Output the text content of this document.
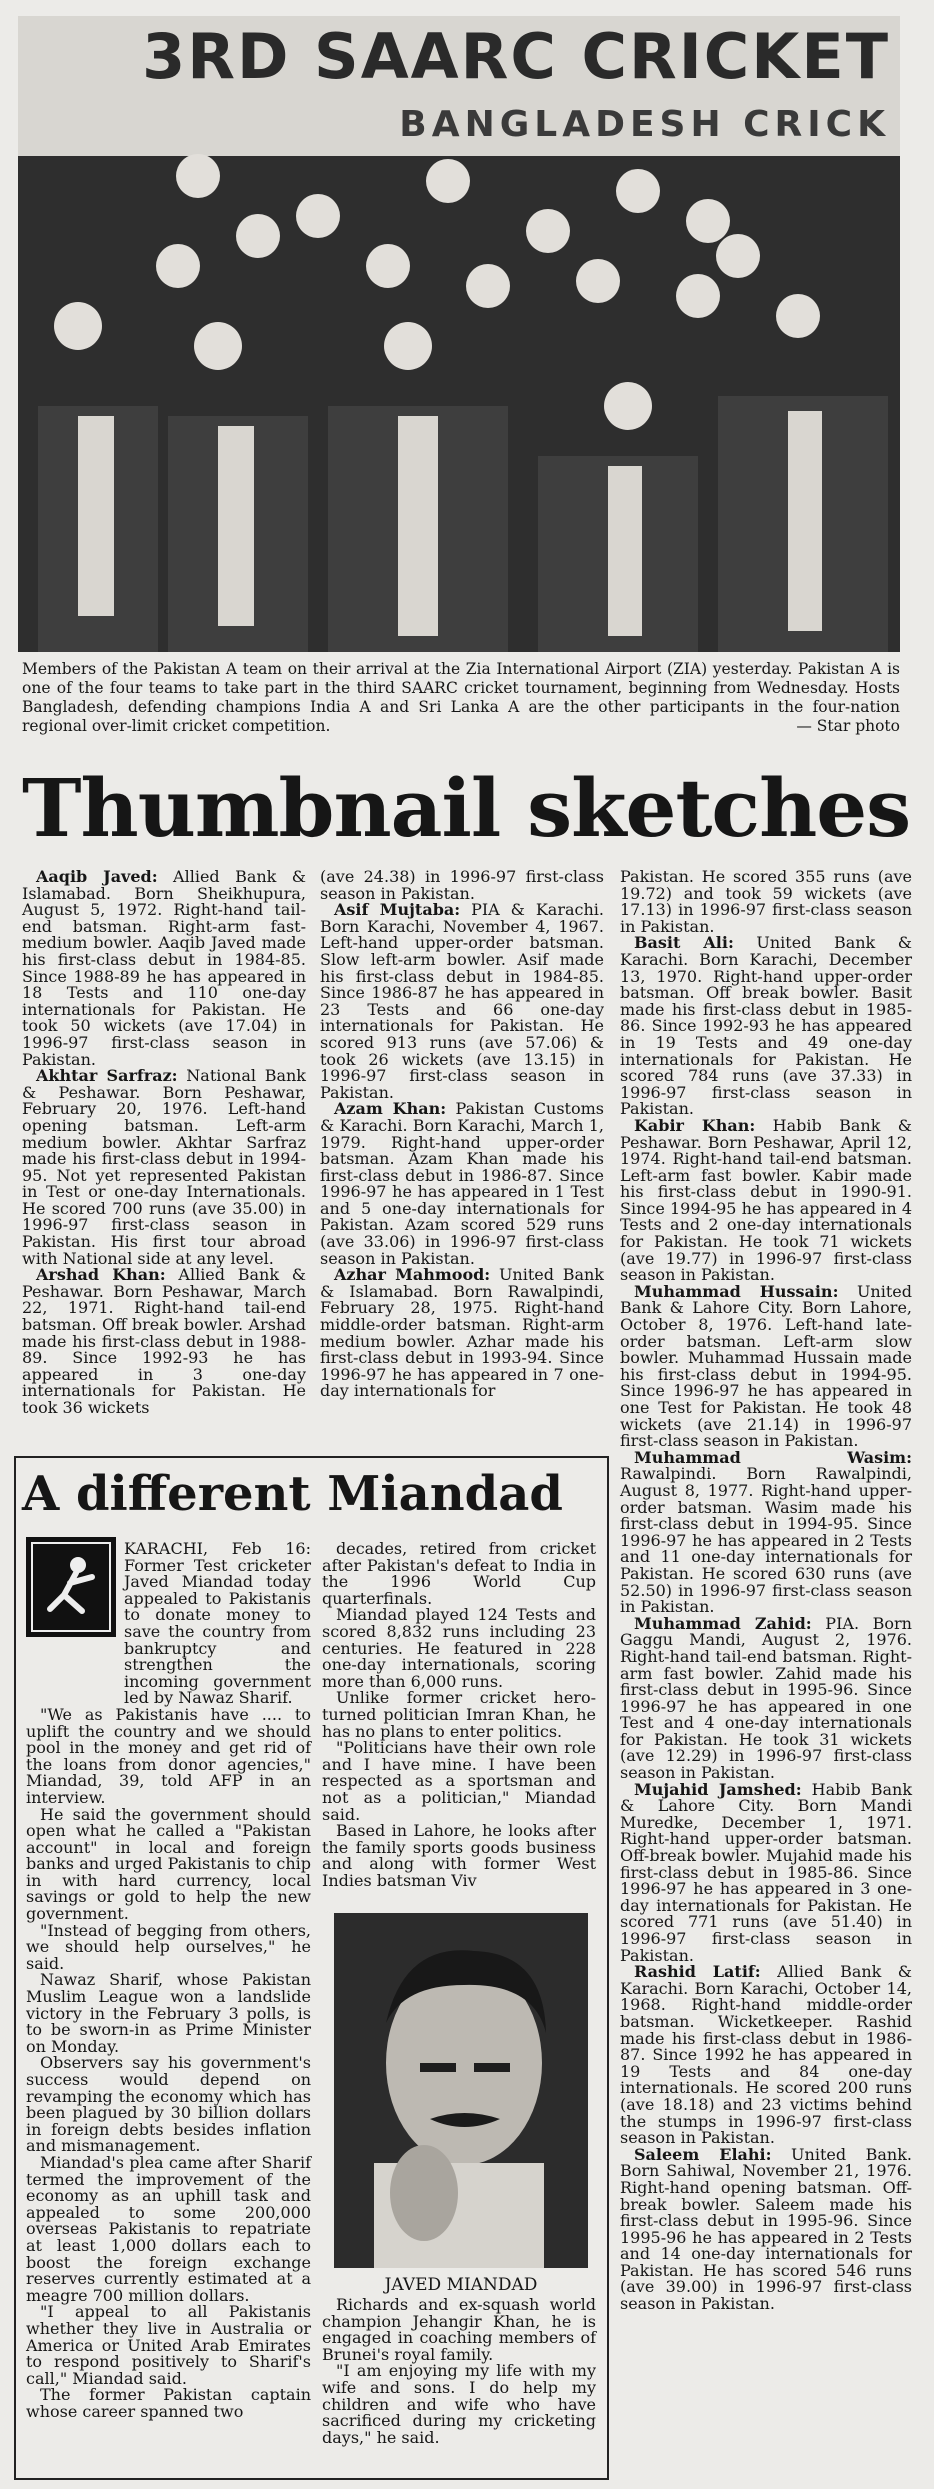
3RD SAARC CRICKET
BANGLADESH CRICK
Members of the Pakistan A team on their arrival at the Zia International Airport (ZIA) yesterday. Pakistan A is one of the four teams to take part in the third SAARC cricket tournament, beginning from Wednesday. Hosts Bangladesh, defending champions India A and Sri Lanka A are the other participants in the four-nation regional over-limit cricket competition.	— Star photo
Thumbnail sketches

Aaqib Javed: Allied Bank & Islamabad. Born Sheikhupura, August 5, 1972. Right-hand tail-end batsman. Right-arm fast-medium bowler. Aaqib Javed made his first-class debut in 1984-85. Since 1988-89 he has appeared in 18 Tests and 110 one-day internationals for Pakistan. He took 50 wickets (ave 17.04) in 1996-97 first-class season in Pakistan.

Akhtar Sarfraz: National Bank & Peshawar. Born Peshawar, February 20, 1976. Left-hand opening batsman. Left-arm medium bowler. Akhtar Sarfraz made his first-class debut in 1994-95. Not yet represented Pakistan in Test or one-day Internationals. He scored 700 runs (ave 35.00) in 1996-97 first-class season in Pakistan. His first tour abroad with National side at any level.

Arshad Khan: Allied Bank & Peshawar. Born Peshawar, March 22, 1971. Right-hand tail-end batsman. Off break bowler. Arshad made his first-class debut in 1988-89. Since 1992-93 he has appeared in 3 one-day internationals for Pakistan. He took 36 wickets

(ave 24.38) in 1996-97 first-class season in Pakistan.

Asif Mujtaba: PIA & Karachi. Born Karachi, November 4, 1967. Left-hand upper-order batsman. Slow left-arm bowler. Asif made his first-class debut in 1984-85. Since 1986-87 he has appeared in 23 Tests and 66 one-day internationals for Pakistan. He scored 913 runs (ave 57.06) & took 26 wickets (ave 13.15) in 1996-97 first-class season in Pakistan.

Azam Khan: Pakistan Customs & Karachi. Born Karachi, March 1, 1979. Right-hand upper-order batsman. Azam Khan made his first-class debut in 1986-87. Since 1996-97 he has appeared in 1 Test and 5 one-day internationals for Pakistan. Azam scored 529 runs (ave 33.06) in 1996-97 first-class season in Pakistan.

Azhar Mahmood: United Bank & Islamabad. Born Rawalpindi, February 28, 1975. Right-hand middle-order batsman. Right-arm medium bowler. Azhar made his first-class debut in 1993-94. Since 1996-97 he has appeared in 7 one-day internationals for

Pakistan. He scored 355 runs (ave 19.72) and took 59 wickets (ave 17.13) in 1996-97 first-class season in Pakistan.

Basit Ali: United Bank & Karachi. Born Karachi, December 13, 1970. Right-hand upper-order batsman. Off break bowler. Basit made his first-class debut in 1985-86. Since 1992-93 he has appeared in 19 Tests and 49 one-day internationals for Pakistan. He scored 784 runs (ave 37.33) in 1996-97 first-class season in Pakistan.

Kabir Khan: Habib Bank & Peshawar. Born Peshawar, April 12, 1974. Right-hand tail-end batsman. Left-arm fast bowler. Kabir made his first-class debut in 1990-91. Since 1994-95 he has appeared in 4 Tests and 2 one-day internationals for Pakistan. He took 71 wickets (ave 19.77) in 1996-97 first-class season in Pakistan.

Muhammad Hussain: United Bank & Lahore City. Born Lahore, October 8, 1976. Left-hand late-order batsman. Left-arm slow bowler. Muhammad Hussain made his first-class debut in 1994-95. Since 1996-97 he has appeared in one Test for Pakistan. He took 48 wickets (ave 21.14) in 1996-97 first-class season in Pakistan.

Muhammad Wasim: Rawalpindi. Born Rawalpindi, August 8, 1977. Right-hand upper-order batsman. Wasim made his first-class debut in 1994-95. Since 1996-97 he has appeared in 2 Tests and 11 one-day internationals for Pakistan. He scored 630 runs (ave 52.50) in 1996-97 first-class season in Pakistan.

Muhammad Zahid: PIA. Born Gaggu Mandi, August 2, 1976. Right-hand tail-end batsman. Right-arm fast bowler. Zahid made his first-class debut in 1995-96. Since 1996-97 he has appeared in one Test and 4 one-day internationals for Pakistan. He took 31 wickets (ave 12.29) in 1996-97 first-class season in Pakistan.

Mujahid Jamshed: Habib Bank & Lahore City. Born Mandi Muredke, December 1, 1971. Right-hand upper-order batsman. Off-break bowler. Mujahid made his first-class debut in 1985-86. Since 1996-97 he has appeared in 3 one-day internationals for Pakistan. He scored 771 runs (ave 51.40) in 1996-97 first-class season in Pakistan.

Rashid Latif: Allied Bank & Karachi. Born Karachi, October 14, 1968. Right-hand middle-order batsman. Wicketkeeper. Rashid made his first-class debut in 1986-87. Since 1992 he has appeared in 19 Tests and 84 one-day internationals. He scored 200 runs (ave 18.18) and 23 victims behind the stumps in 1996-97 first-class season in Pakistan.

Saleem Elahi: United Bank. Born Sahiwal, November 21, 1976. Right-hand opening batsman. Off-break bowler. Saleem made his first-class debut in 1995-96. Since 1995-96 he has appeared in 2 Tests and 14 one-day internationals for Pakistan. He has scored 546 runs (ave 39.00) in 1996-97 first-class season in Pakistan.

A different Miandad

KARACHI, Feb 16: Former Test cricketer Javed Miandad today appealed to Pakistanis to donate money to save the country from bankruptcy and strengthen the incoming government led by Nawaz Sharif.

"We as Pakistanis have .... to uplift the country and we should pool in the money and get rid of the loans from donor agencies," Miandad, 39, told AFP in an interview.

He said the government should open what he called a "Pakistan account" in local and foreign banks and urged Pakistanis to chip in with hard currency, local savings or gold to help the new government.

"Instead of begging from others, we should help ourselves," he said.

Nawaz Sharif, whose Pakistan Muslim League won a landslide victory in the February 3 polls, is to be sworn-in as Prime Minister on Monday.

Observers say his government's success would depend on revamping the economy which has been plagued by 30 billion dollars in foreign debts besides inflation and mismanagement.

Miandad's plea came after Sharif termed the improvement of the economy as an uphill task and appealed to some 200,000 overseas Pakistanis to repatriate at least 1,000 dollars each to boost the foreign exchange reserves currently estimated at a meagre 700 million dollars.

"I appeal to all Pakistanis whether they live in Australia or America or United Arab Emirates to respond positively to Sharif's call," Miandad said.

The former Pakistan captain whose career spanned two

decades, retired from cricket after Pakistan's defeat to India in the 1996 World Cup quarterfinals.

Miandad played 124 Tests and scored 8,832 runs including 23 centuries. He featured in 228 one-day internationals, scoring more than 6,000 runs.

Unlike former cricket hero-turned politician Imran Khan, he has no plans to enter politics.

"Politicians have their own role and I have mine. I have been respected as a sportsman and not as a politician," Miandad said.

Based in Lahore, he looks after the family sports goods business and along with former West Indies batsman Viv

JAVED MIANDAD

Richards and ex-squash world champion Jehangir Khan, he is engaged in coaching members of Brunei's royal family.

"I am enjoying my life with my wife and sons. I do help my children and wife who have sacrificed during my cricketing days," he said.
